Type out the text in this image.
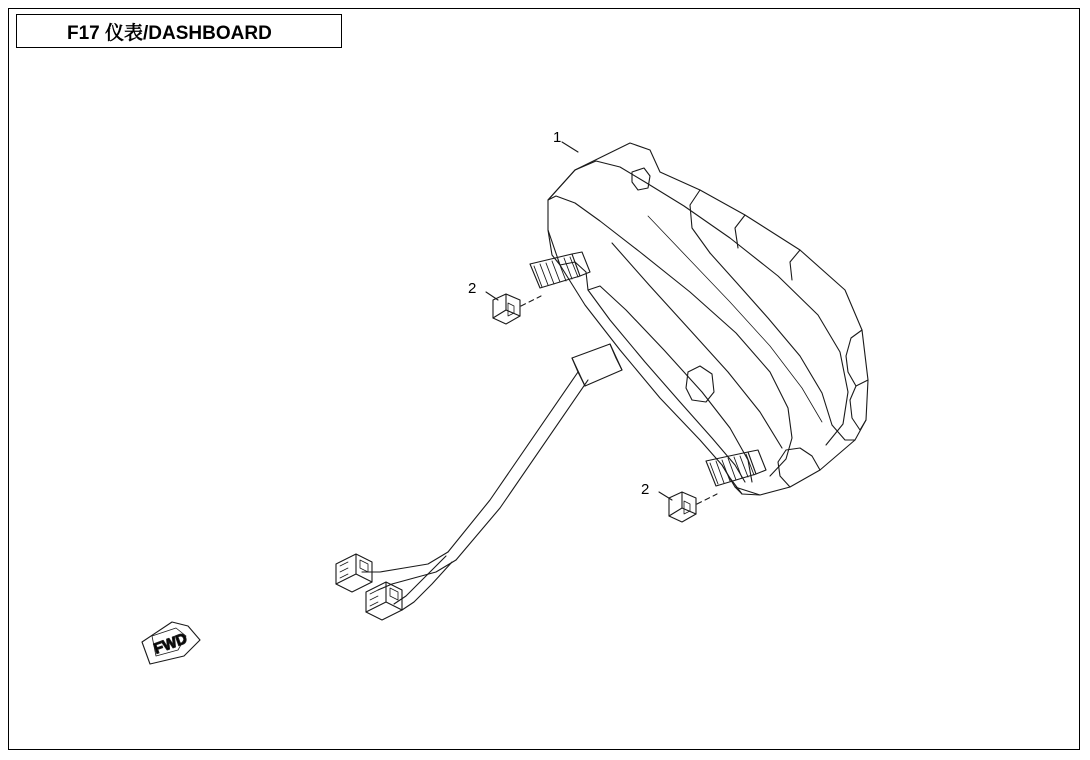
F17 仪表/DASHBOARD
FWD
1
2
2
